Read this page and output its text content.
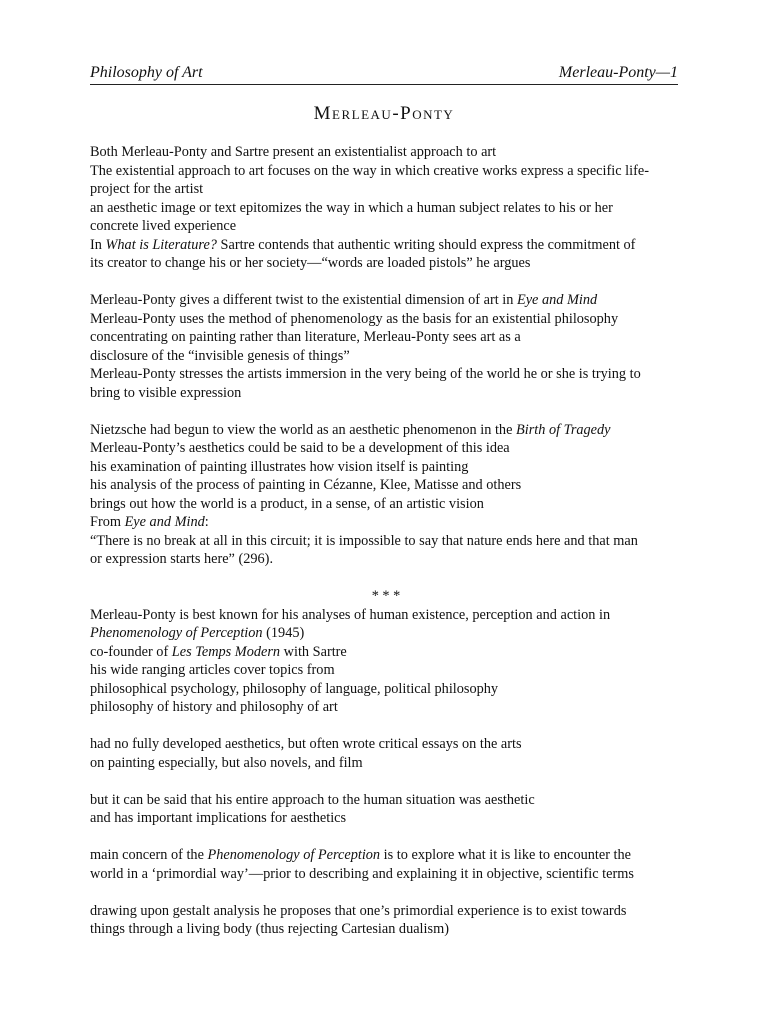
Philosophy of Art	Merleau-Ponty—1
Merleau-Ponty
Both Merleau-Ponty and Sartre present an existentialist approach to art
The existential approach to art focuses on the way in which creative works express a specific life-
project for the artist
an aesthetic image or text epitomizes the way in which a human subject relates to his or her
concrete lived experience
In What is Literature? Sartre contends that authentic writing should express the commitment of
its creator to change his or her society—“words are loaded pistols” he argues
Merleau-Ponty gives a different twist to the existential dimension of art in Eye and Mind
Merleau-Ponty uses the method of phenomenology as the basis for an existential philosophy
concentrating on painting rather than literature, Merleau-Ponty sees art as a
disclosure of the “invisible genesis of things”
Merleau-Ponty stresses the artists immersion in the very being of the world he or she is trying to
bring to visible expression
Nietzsche had begun to view the world as an aesthetic phenomenon in the Birth of Tragedy
Merleau-Ponty’s aesthetics could be said to be a development of this idea
his examination of painting illustrates how vision itself is painting
his analysis of the process of painting in Cézanne, Klee, Matisse and others
brings out how the world is a product, in a sense, of an artistic vision
From Eye and Mind:
“There is no break at all in this circuit; it is impossible to say that nature ends here and that man
or expression starts here” (296).
* * *
Merleau-Ponty is best known for his analyses of human existence, perception and action in
Phenomenology of Perception (1945)
co-founder of Les Temps Modern with Sartre
his wide ranging articles cover topics from
philosophical psychology, philosophy of language, political philosophy
philosophy of history and philosophy of art
had no fully developed aesthetics, but often wrote critical essays on the arts
on painting especially, but also novels, and film
but it can be said that his entire approach to the human situation was aesthetic
and has important implications for aesthetics
main concern of the Phenomenology of Perception is to explore what it is like to encounter the
world in a ‘primordial way’—prior to describing and explaining it in objective, scientific terms
drawing upon gestalt analysis he proposes that one’s primordial experience is to exist towards
things through a living body (thus rejecting Cartesian dualism)
